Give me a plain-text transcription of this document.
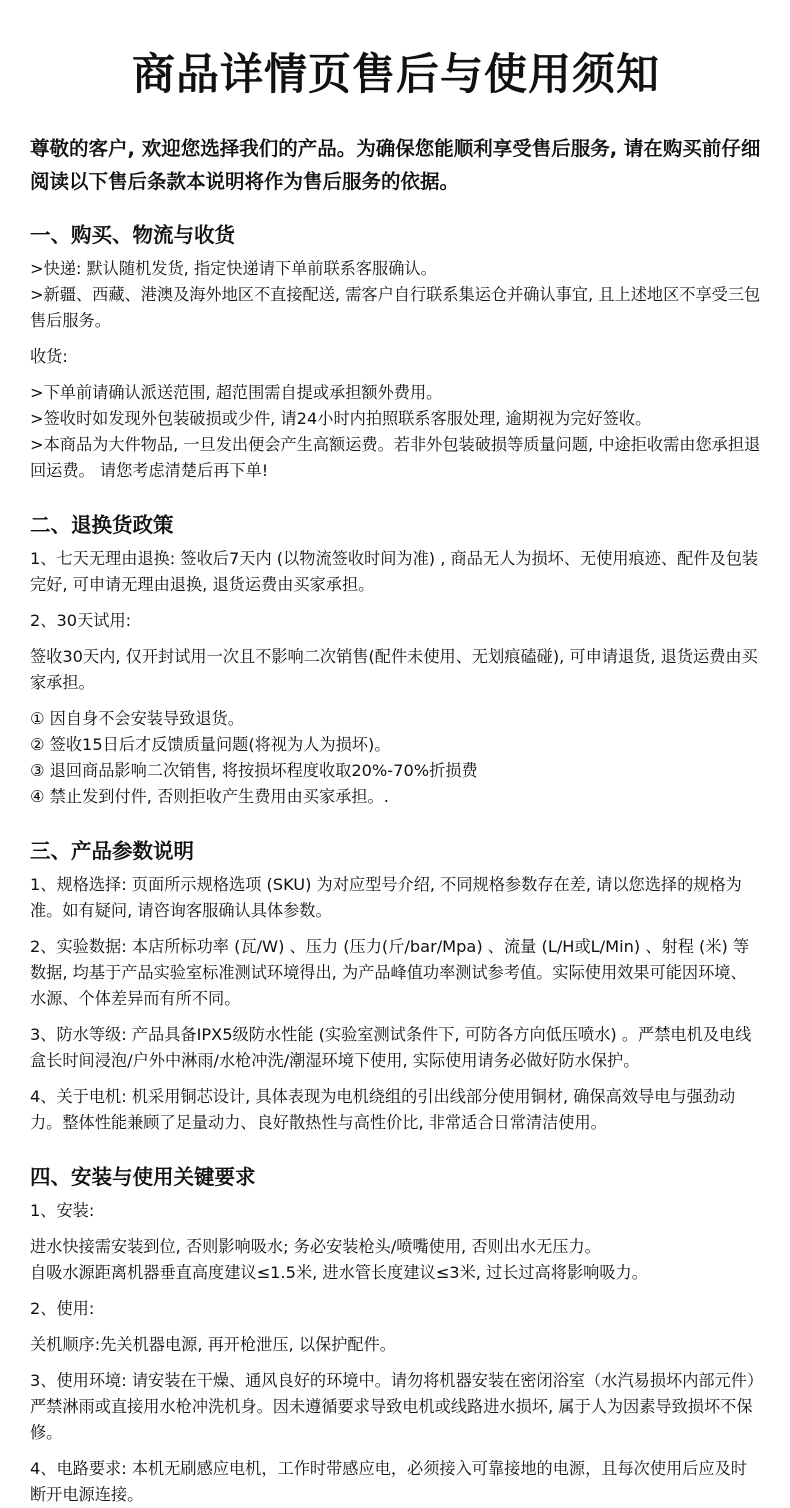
商品详情页售后与使用须知

尊敬的客户, 欢迎您选择我们的产品。为确保您能顺利享受售后服务, 请在购买前仔细阅读以下售后条款本说明将作为售后服务的依据。

一、购买、物流与收货

>快递: 默认随机发货, 指定快递请下单前联系客服确认。
>新疆、西藏、港澳及海外地区不直接配送, 需客户自行联系集运仓并确认事宜, 且上述地区不享受三包售后服务。

收货:

>下单前请确认派送范围, 超范围需自提或承担额外费用。
>签收时如发现外包装破损或少件, 请24小时内拍照联系客服处理, 逾期视为完好签收。
>本商品为大件物品, 一旦发出便会产生高额运费。若非外包装破损等质量问题, 中途拒收需由您承担退回运费。 请您考虑清楚后再下单!

二、退换货政策

1、七天无理由退换: 签收后7天内 (以物流签收时间为准) , 商品无人为损坏、无使用痕迹、配件及包装完好, 可申请无理由退换, 退货运费由买家承担。

2、30天试用:

签收30天内, 仅开封试用一次且不影响二次销售(配件未使用、无划痕磕碰), 可申请退货, 退货运费由买家承担。

① 因自身不会安装导致退货。
② 签收15日后才反馈质量问题(将视为人为损坏)。
③ 退回商品影响二次销售, 将按损坏程度收取20%-70%折损费
④ 禁止发到付件, 否则拒收产生费用由买家承担。.

三、产品参数说明

1、规格选择: 页面所示规格选项 (SKU) 为对应型号介绍, 不同规格参数存在差, 请以您选择的规格为准。如有疑问, 请咨询客服确认具体参数。

2、实验数据: 本店所标功率 (瓦/W) 、压力 (压力(斤/bar/Mpa) 、流量 (L/H或L/Min) 、射程 (米) 等数据, 均基于产品实验室标准测试环境得出, 为产品峰值功率测试参考值。实际使用效果可能因环境、水源、个体差异而有所不同。

3、防水等级: 产品具备IPX5级防水性能 (实验室测试条件下, 可防各方向低压喷水) 。严禁电机及电线盒长时间浸泡/户外中淋雨/水枪冲洗/潮湿环境下使用, 实际使用请务必做好防水保护。

4、关于电机: 机采用铜芯设计, 具体表现为电机绕组的引出线部分使用铜材, 确保高效导电与强劲动力。整体性能兼顾了足量动力、良好散热性与高性价比, 非常适合日常清洁使用。

四、安装与使用关键要求

1、安装:

进水快接需安装到位, 否则影响吸水; 务必安装枪头/喷嘴使用, 否则出水无压力。
自吸水源距离机器垂直高度建议≤1.5米, 进水管长度建议≤3米, 过长过高将影响吸力。

2、使用:

关机顺序:先关机器电源, 再开枪泄压, 以保护配件。

3、使用环境: 请安装在干燥、通风良好的环境中。请勿将机器安装在密闭浴室（水汽易损坏内部元件）严禁淋雨或直接用水枪冲洗机身。因未遵循要求导致电机或线路进水损坏, 属于人为因素导致损坏不保修。

4、电路要求: 本机无刷感应电机，工作时带感应电，必须接入可靠接地的电源，且每次使用后应及时断开电源连接。
